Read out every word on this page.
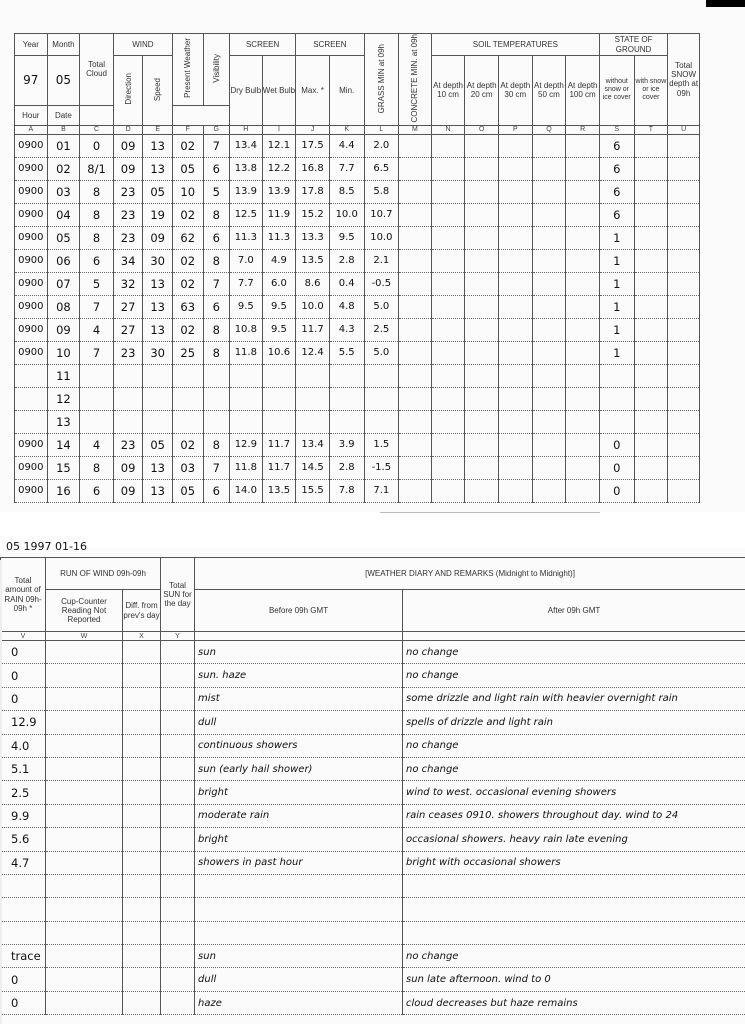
Year	Month	Total Cloud	WIND		Present Weather	Visibility	SCREEN		SCREEN		GRASS MIN at 09h	CONCRETE MIN. at 09h	SOIL TEMPERATURES					STATE OF GROUND		Total SNOW depth at 09h
97	05		Direction	Speed			Dry Bulb	Wet Bulb	Max. *	Min.			At depth 10 cm	At depth 20 cm	At depth 30 cm	At depth 50 cm	At depth 100 cm	without snow or ice cover	with snow or ice cover	
Hour	Date																			
A	B	C	D	E	F	G	H	I	J	K	L	M	N	O	P	Q	R	S	T	U
0900	01	0	09	13	02	7	13.4	12.1	17.5	4.4	2.0							6		
0900	02	8/1	09	13	05	6	13.8	12.2	16.8	7.7	6.5							6		
0900	03	8	23	05	10	5	13.9	13.9	17.8	8.5	5.8							6		
0900	04	8	23	19	02	8	12.5	11.9	15.2	10.0	10.7							6		
0900	05	8	23	09	62	6	11.3	11.3	13.3	9.5	10.0							1		
0900	06	6	34	30	02	8	7.0	4.9	13.5	2.8	2.1							1		
0900	07	5	32	13	02	7	7.7	6.0	8.6	0.4	-0.5							1		
0900	08	7	27	13	63	6	9.5	9.5	10.0	4.8	5.0							1		
0900	09	4	27	13	02	8	10.8	9.5	11.7	4.3	2.5							1		
0900	10	7	23	30	25	8	11.8	10.6	12.4	5.5	5.0							1		
	11																			
	12																			
	13																			
0900	14	4	23	05	02	8	12.9	11.7	13.4	3.9	1.5							0		
0900	15	8	09	13	03	7	11.8	11.7	14.5	2.8	-1.5							0		
0900	16	6	09	13	05	6	14.0	13.5	15.5	7.8	7.1							0		
05 1997 01-16
Total amount of RAIN 09h-09h *	RUN OF WIND 09h-09h		Total SUN for the day	[WEATHER DIARY AND REMARKS (Midnight to Midnight)]	
	Cup-Counter Reading Not Reported	Diff. from prev's day		Before 09h GMT	After 09h GMT
V	W	X	Y		
0				sun	no change
0				sun. haze	no change
0				mist	some drizzle and light rain with heavier overnight rain
12.9				dull	spells of drizzle and light rain
4.0				continuous showers	no change
5.1				sun (early hail shower)	no change
2.5				bright	wind to west. occasional evening showers
9.9				moderate rain	rain ceases 0910. showers throughout day. wind to 24
5.6				bright	occasional showers. heavy rain late evening
4.7				showers in past hour	bright with occasional showers

trace				sun	no change
0				dull	sun late afternoon. wind to 0
0				haze	cloud decreases but haze remains
